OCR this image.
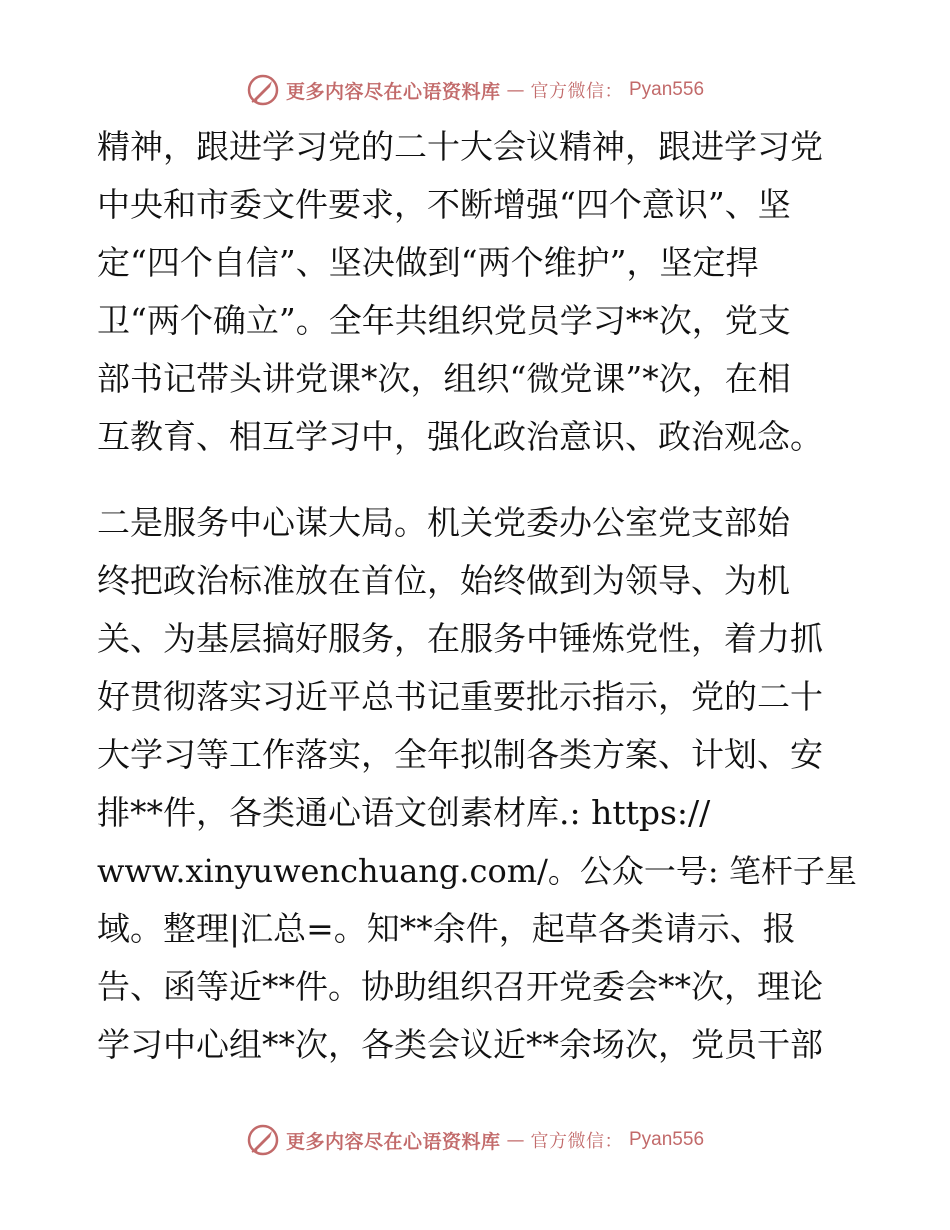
更多内容尽在心语资料库 — 官方微信： Pyan556
精神，跟进学习党的二十大会议精神，跟进学习党
中央和市委文件要求，不断增强“四个意识”、坚
定“四个自信”、坚决做到“两个维护”，坚定捍
卫“两个确立”。全年共组织党员学习**次，党支
部书记带头讲党课*次，组织“微党课”*次，在相
互教育、相互学习中，强化政治意识、政治观念。
二是服务中心谋大局。机关党委办公室党支部始
终把政治标准放在首位，始终做到为领导、为机
关、为基层搞好服务，在服务中锤炼党性，着力抓
好贯彻落实习近平总书记重要批示指示，党的二十
大学习等工作落实，全年拟制各类方案、计划、安
排**件，各类通心语文创素材库.: https://
www.xinyuwenchuang.com/。公众一号: 笔杆子星
域。整理|汇总=。知**余件，起草各类请示、报
告、函等近**件。协助组织召开党委会**次，理论
学习中心组**次，各类会议近**余场次，党员干部
更多内容尽在心语资料库 — 官方微信： Pyan556
